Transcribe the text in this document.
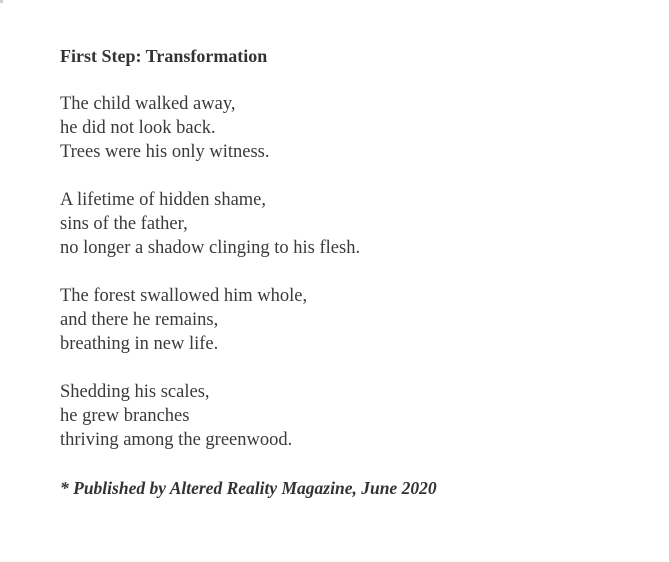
First Step: Transformation
The child walked away,
he did not look back.
Trees were his only witness.
A lifetime of hidden shame,
sins of the father,
no longer a shadow clinging to his flesh.
The forest swallowed him whole,
and there he remains,
breathing in new life.
Shedding his scales,
he grew branches
thriving among the greenwood.

* Published by Altered Reality Magazine, June 2020
